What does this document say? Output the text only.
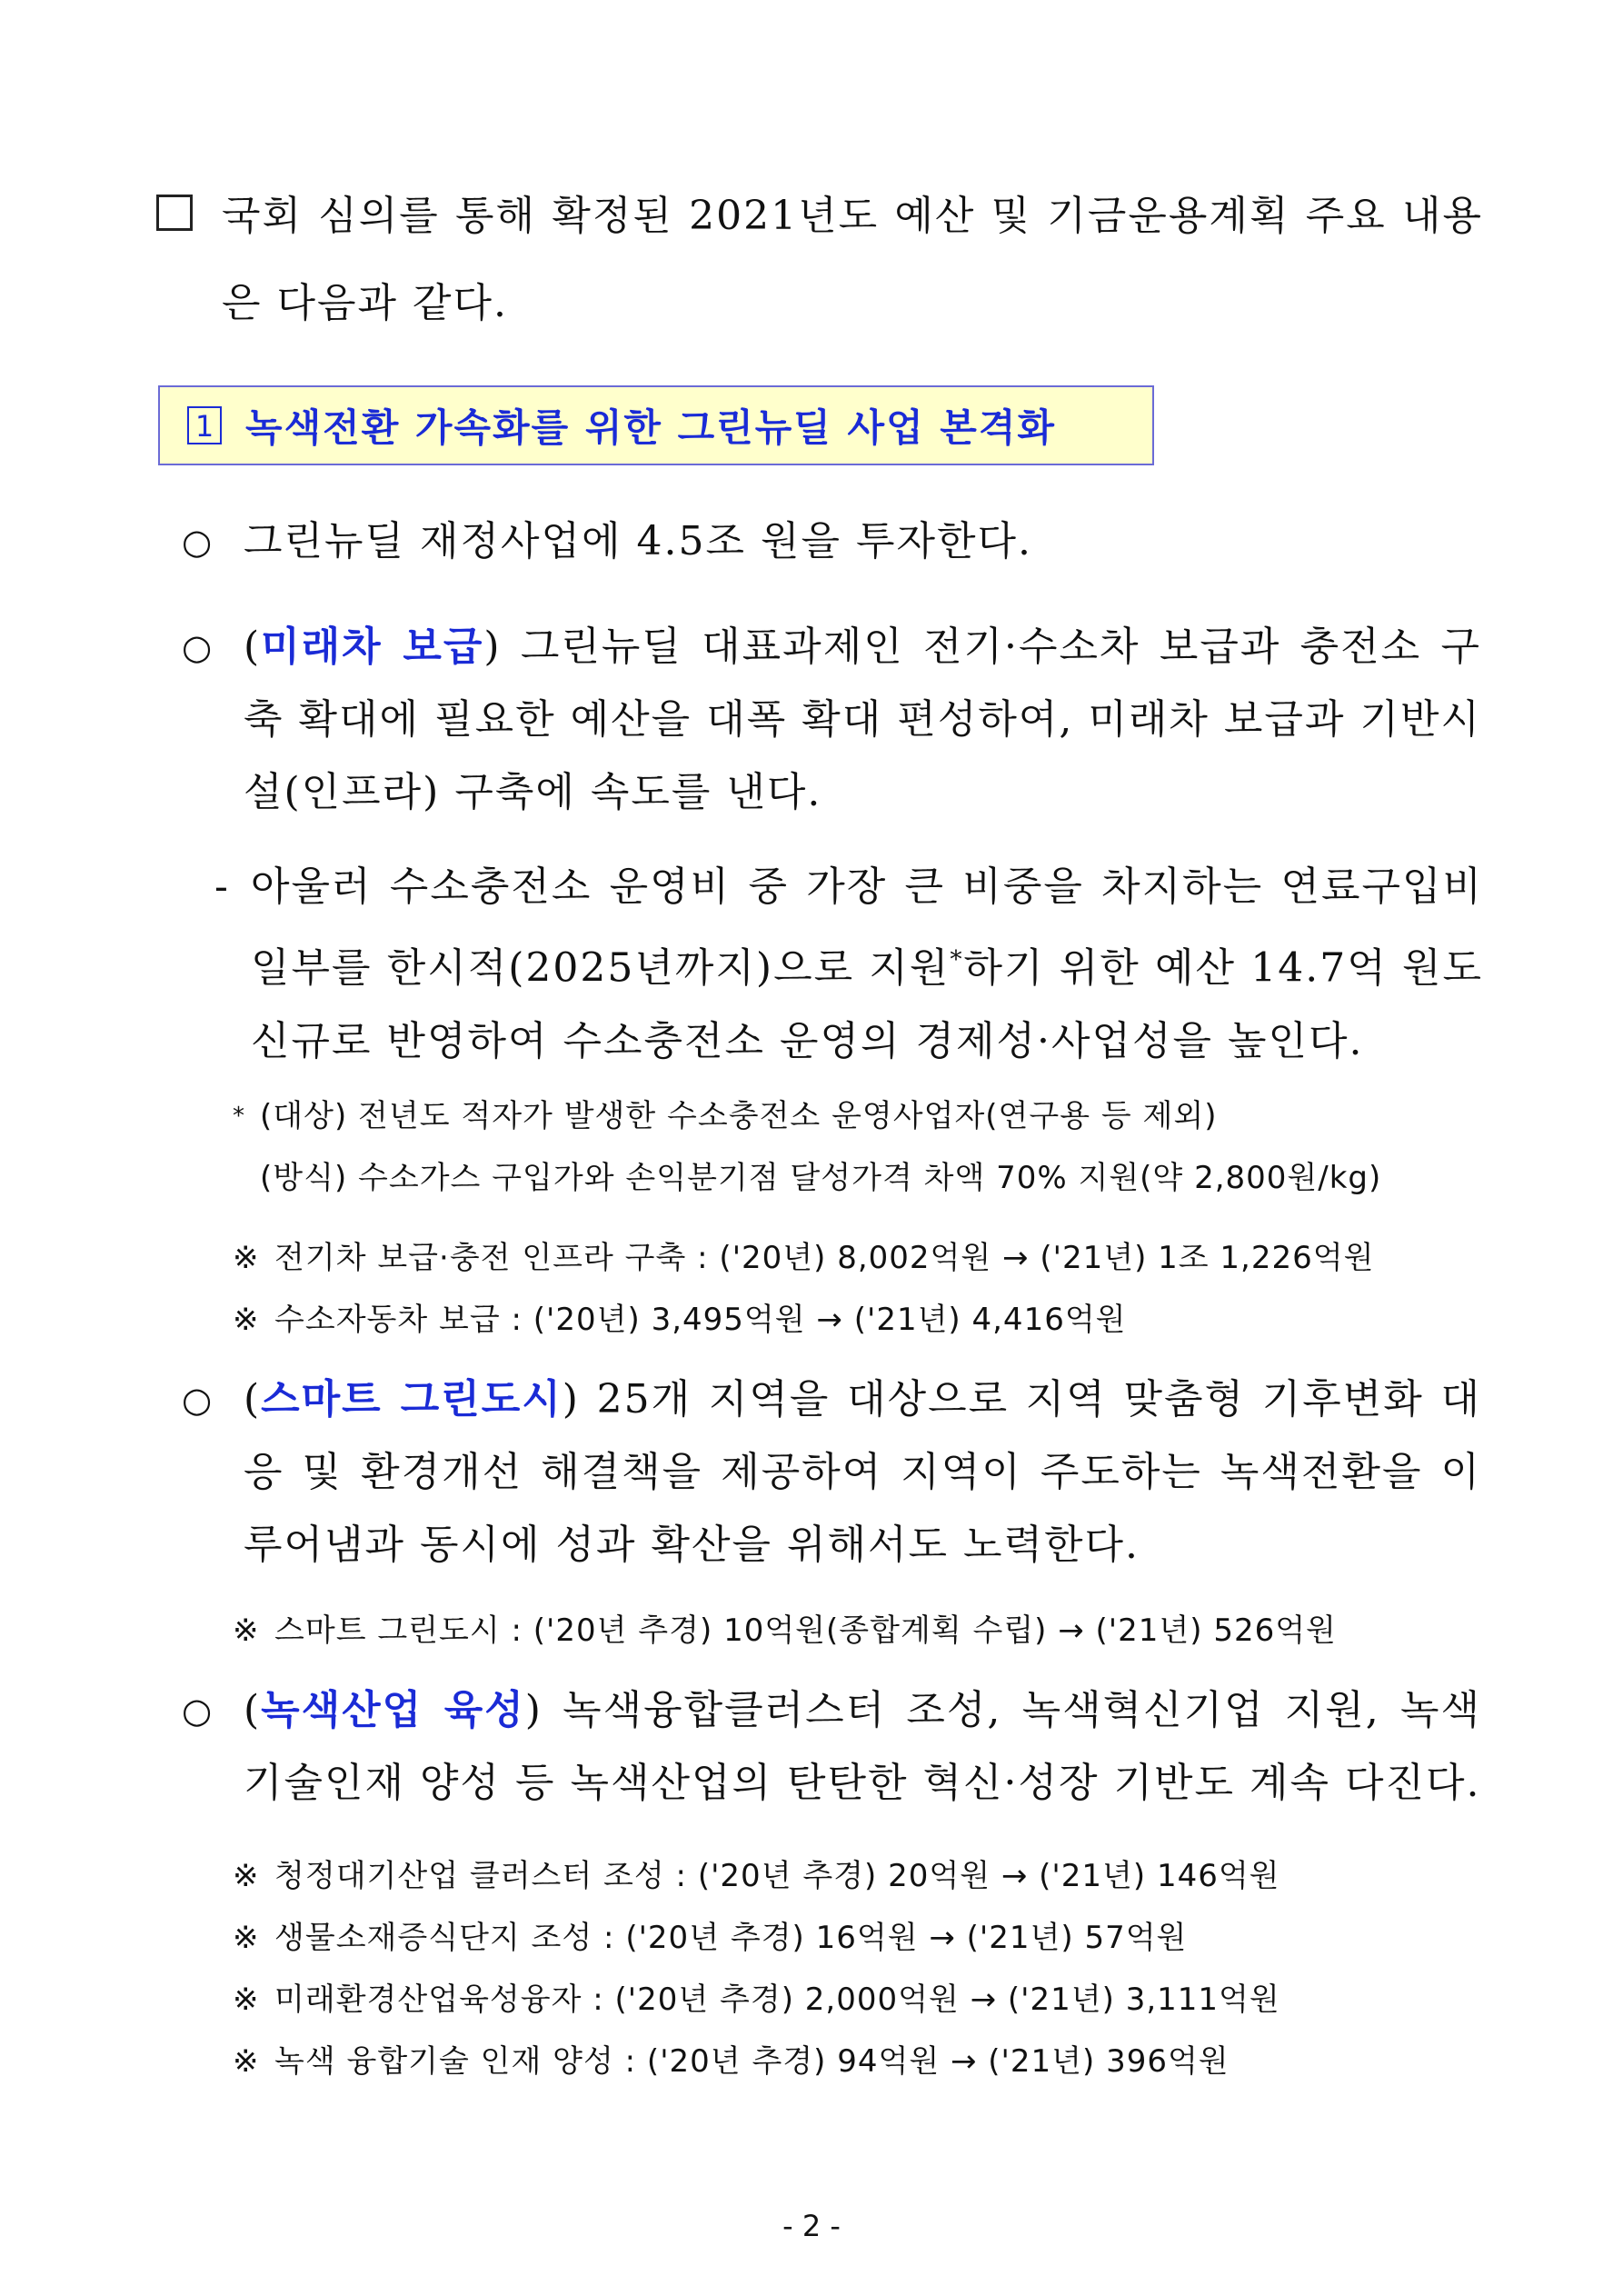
국회 심의를 통해 확정된 2021년도 예산 및 기금운용계획 주요 내용은 다음과 같다.
1 녹색전환 가속화를 위한 그린뉴딜 사업 본격화
○ 그린뉴딜 재정사업에 4.5조 원을 투자한다.
○ (미래차 보급) 그린뉴딜 대표과제인 전기·수소차 보급과 충전소 구축 확대에 필요한 예산을 대폭 확대 편성하여, 미래차 보급과 기반시설(인프라) 구축에 속도를 낸다.
- 아울러 수소충전소 운영비 중 가장 큰 비중을 차지하는 연료구입비 일부를 한시적(2025년까지)으로 지원*하기 위한 예산 14.7억 원도 신규로 반영하여 수소충전소 운영의 경제성·사업성을 높인다.
* (대상) 전년도 적자가 발생한 수소충전소 운영사업자(연구용 등 제외)
(방식) 수소가스 구입가와 손익분기점 달성가격 차액 70% 지원(약 2,800원/kg)
※ 전기차 보급·충전 인프라 구축 : ('20년) 8,002억원 → ('21년) 1조 1,226억원
※ 수소자동차 보급 : ('20년) 3,495억원 → ('21년) 4,416억원
○ (스마트 그린도시) 25개 지역을 대상으로 지역 맞춤형 기후변화 대응 및 환경개선 해결책을 제공하여 지역이 주도하는 녹색전환을 이루어냄과 동시에 성과 확산을 위해서도 노력한다.
※ 스마트 그린도시 : ('20년 추경) 10억원(종합계획 수립) → ('21년) 526억원
○ (녹색산업 육성) 녹색융합클러스터 조성, 녹색혁신기업 지원, 녹색기술인재 양성 등 녹색산업의 탄탄한 혁신·성장 기반도 계속 다진다.
※ 청정대기산업 클러스터 조성 : ('20년 추경) 20억원 → ('21년) 146억원
※ 생물소재증식단지 조성 : ('20년 추경) 16억원 → ('21년) 57억원
※ 미래환경산업육성융자 : ('20년 추경) 2,000억원 → ('21년) 3,111억원
※ 녹색 융합기술 인재 양성 : ('20년 추경) 94억원 → ('21년) 396억원
- 2 -
